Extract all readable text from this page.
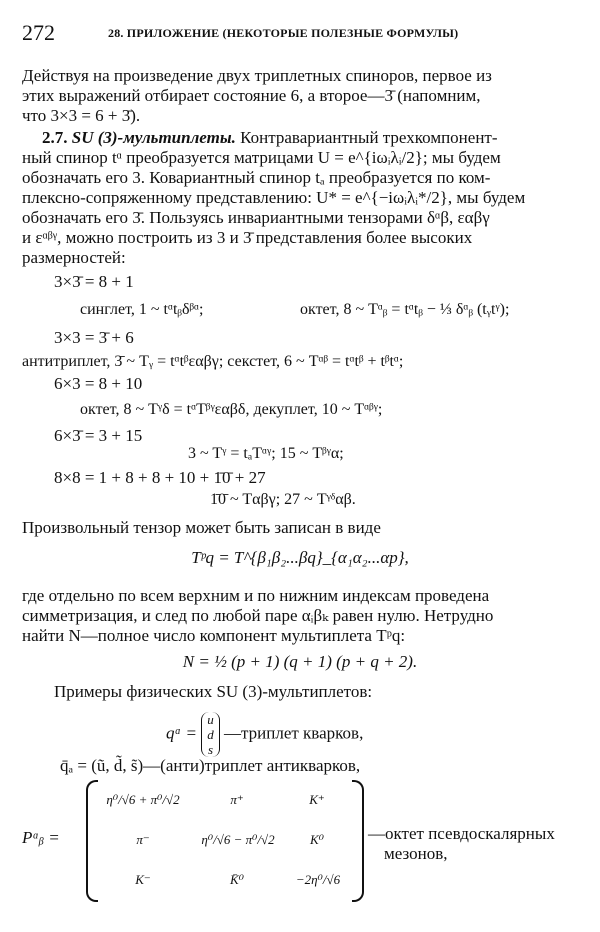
272	28. ПРИЛОЖЕНИЕ (НЕКОТОРЫЕ ПОЛЕЗНЫЕ ФОРМУЛЫ)
Действуя на произведение двух триплетных спиноров, первое из
этих выражений отбирает состояние 6, а второе—3̄ (напомним,
что 3×3 = 6 + 3̄).
2.7. SU (3)-мультиплеты. Контравариантный трехкомпонент-
ный спинор tᵅ преобразуется матрицами U = e^{iωᵢλᵢ/2}; мы будем
обозначать его 3. Ковариантный спинор tₐ преобразуется по ком-
плексно-сопряженному представлению: U* = e^{−iωᵢλᵢ*/2}, мы будем
обозначать его 3̄. Пользуясь инвариантными тензорами δᵅβ, εαβγ
и εᵅᵝᵞ, можно построить из 3 и 3̄ представления более высоких
размерностей:
3×3̄ = 8 + 1
синглет, 1 ~ tᵅtᵦδᵝᵅ;	октет, 8 ~ Tᵅᵦ = tᵅtᵦ − ⅓ δᵅᵦ (tᵧtᵞ);
3×3 = 3̄ + 6
антитриплет, 3̄ ~ Tᵧ = tᵅtᵝεαβγ; секстет, 6 ~ Tᵅᵝ = tᵅtᵝ + tᵝtᵅ;
6×3 = 8 + 10
октет, 8 ~ Tᵞδ = tᵅTᵝᵞεαβδ, декуплет, 10 ~ Tᵅᵝᵞ;
6×3̄ = 3 + 15
3 ~ Tᵞ = tₐTᵅᵞ; 15 ~ Tᵝᵞα;
8×8 = 1 + 8 + 8 + 10 + 1̄0̄ + 27
1̄0̄ ~ Tαβγ; 27 ~ Tᵞᵟαβ.
Произвольный тензор может быть записан в виде
Tᵖq = T^{β₁β₂...βq}_{α₁α₂...αp},
где отдельно по всем верхним и по нижним индексам проведена
симметризация, и след по любой паре αᵢβₖ равен нулю. Нетрудно
найти N—полное число компонент мультиплета Tᵖq:
N = ½ (p + 1) (q + 1) (p + q + 2).
Примеры физических SU (3)-мультиплетов:
qᵅ =
u
d
s
—триплет кварков,
q̄ₐ = (ũ, d̃, s̃)—(анти)триплет антикварков,
Pᵅᵦ =
η⁰/√6 + π⁰/√2	π⁺	K⁺
π⁻	η⁰/√6 − π⁰/√2	K⁰
K⁻	K̄⁰	−2η⁰/√6
—октет псевдоскалярных
мезонов,
